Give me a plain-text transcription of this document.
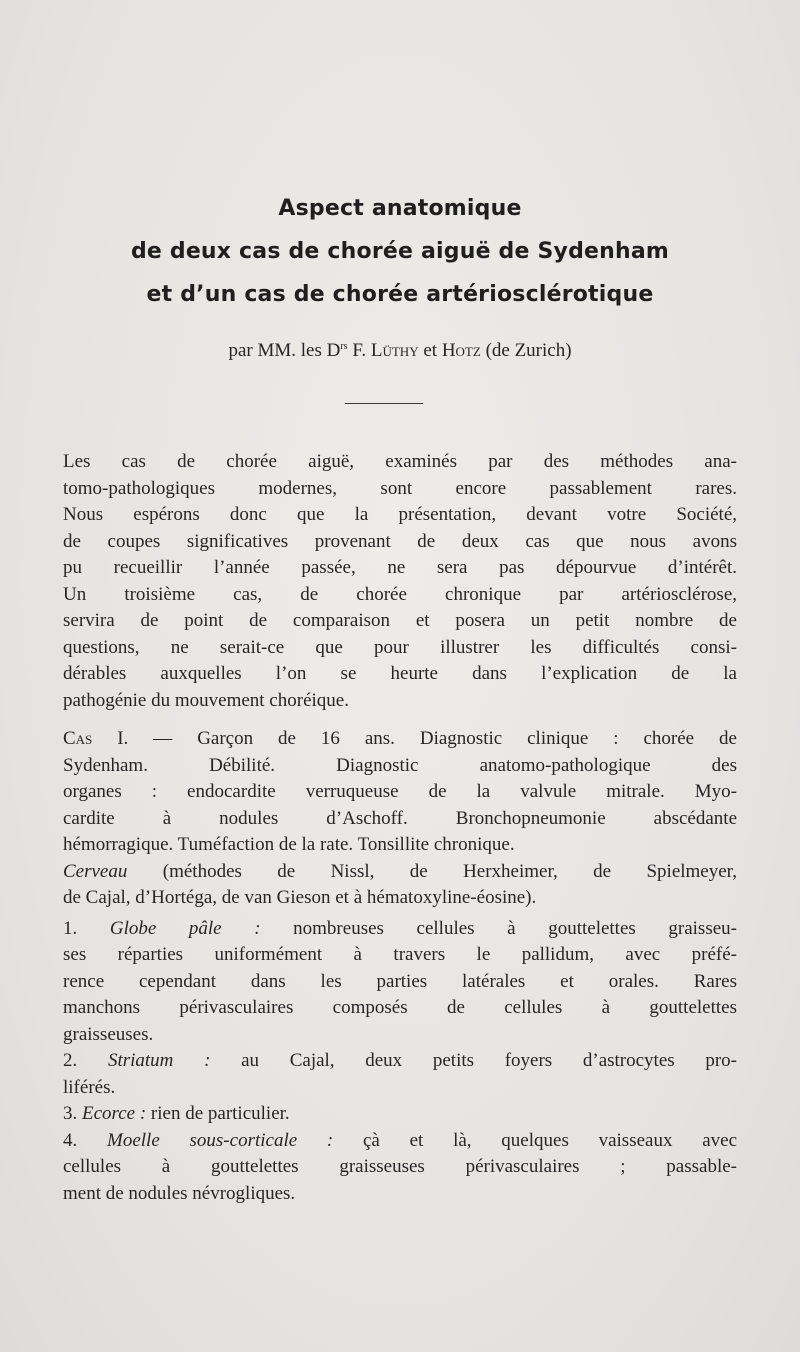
Aspect anatomique
de deux cas de chorée aiguë de Sydenham
et d’un cas de chorée artériosclérotique
par MM. les $D^{rs}$ F. Lüthy et Hotz (de Zurich)

Les cas de chorée aiguë, examinés par des méthodes ana-
tomo-pathologiques modernes, sont encore passablement rares.
Nous espérons donc que la présentation, devant votre Société,
de coupes significatives provenant de deux cas que nous avons
pu recueillir l’année passée, ne sera pas dépourvue d’intérêt.
Un troisième cas, de chorée chronique par artériosclérose,
servira de point de comparaison et posera un petit nombre de
questions, ne serait-ce que pour illustrer les difficultés consi-
dérables auxquelles l’on se heurte dans l’explication de la
pathogénie du mouvement choréique.

Cas I. — Garçon de 16 ans. Diagnostic clinique : chorée de
Sydenham. Débilité. Diagnostic anatomo-pathologique des
organes : endocardite verruqueuse de la valvule mitrale. Myo-
cardite à nodules d’Aschoff. Bronchopneumonie abscédante
hémorragique. Tuméfaction de la rate. Tonsillite chronique.

Cerveau (méthodes de Nissl, de Herxheimer, de Spielmeyer,
de Cajal, d’Hortéga, de van Gieson et à hématoxyline-éosine).

1. Globe pâle : nombreuses cellules à gouttelettes graisseu-
ses réparties uniformément à travers le pallidum, avec préfé-
rence cependant dans les parties latérales et orales. Rares
manchons périvasculaires composés de cellules à gouttelettes
graisseuses.

2. Striatum : au Cajal, deux petits foyers d’astrocytes pro-
liférés.

3. Ecorce : rien de particulier.

4. Moelle sous-corticale : çà et là, quelques vaisseaux avec
cellules à gouttelettes graisseuses périvasculaires ; passable-
ment de nodules névrogliques.
